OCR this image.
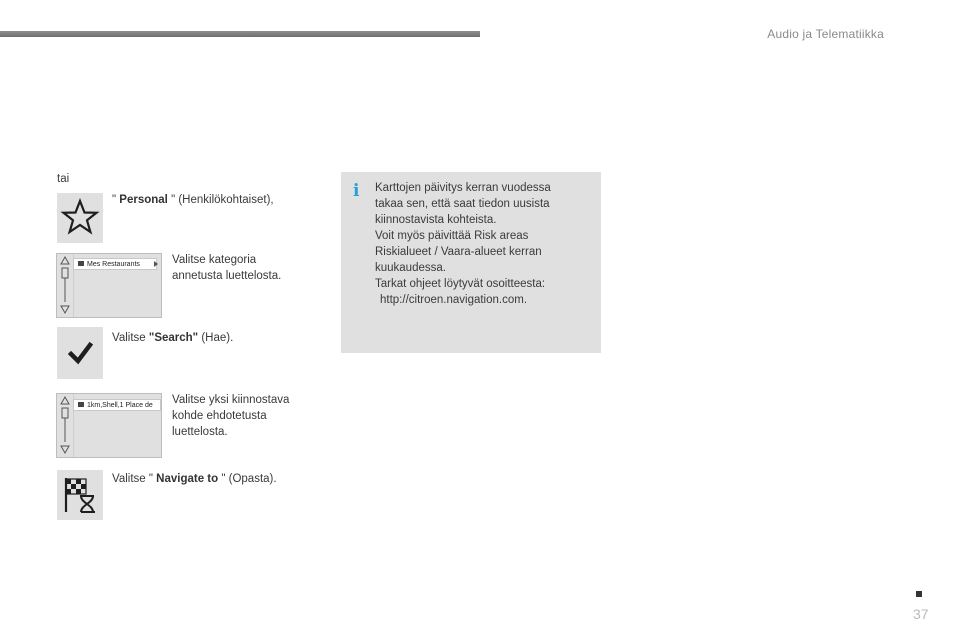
Audio ja Telematiikka
tai
" Personal " (Henkilökohtaiset),
Mes Restaurants	Valitse kategoria
annetusta luettelosta.
Valitse "Search" (Hae).
1km,Shell,1 Place de	Valitse yksi kiinnostava
kohde ehdotetusta
luettelosta.
Valitse " Navigate to " (Opasta).
i Karttojen päivitys kerran vuodessa
takaa sen, että saat tiedon uusista
kiinnostavista kohteista.
Voit myös päivittää Risk areas
Riskialueet / Vaara-alueet kerran
kuukaudessa.
Tarkat ohjeet löytyvät osoitteesta:
http://citroen.navigation.com.
37
